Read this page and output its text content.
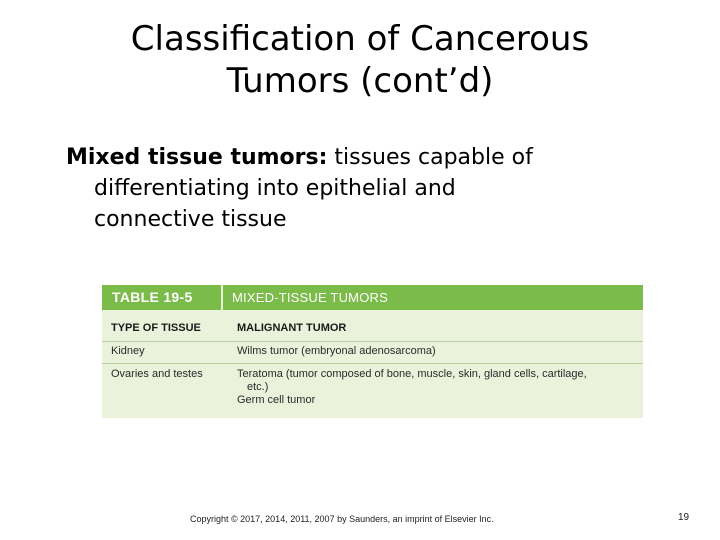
Classification of Cancerous
Tumors (cont’d)
Mixed tissue tumors: tissues capable of
differentiating into epithelial and
connective tissue
TABLE 19-5	MIXED-TISSUE TUMORS
TYPE OF TISSUE	MALIGNANT TUMOR
Kidney	Wilms tumor (embryonal adenosarcoma)
Ovaries and testes	Teratoma (tumor composed of bone, muscle, skin, gland cells, cartilage,
etc.)
Germ cell tumor
Copyright © 2017, 2014, 2011, 2007 by Saunders, an imprint of Elsevier Inc.	19
